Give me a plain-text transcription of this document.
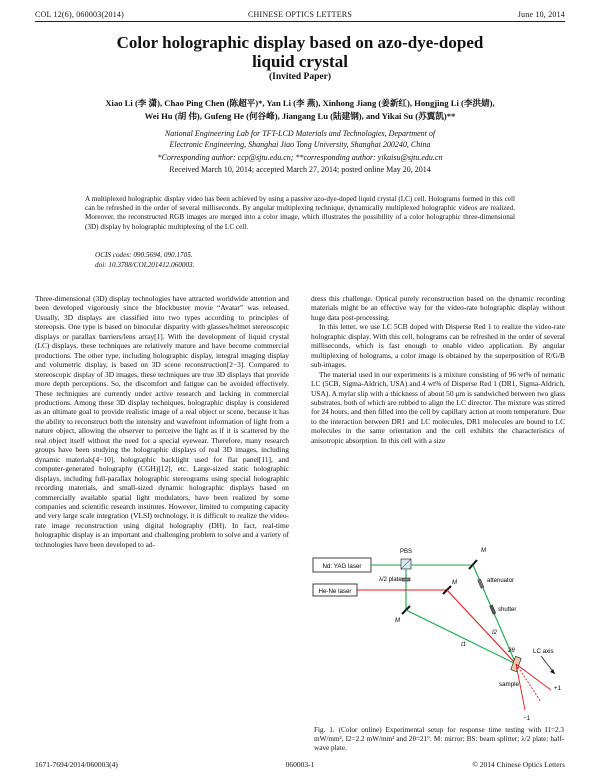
COL 12(6), 060003(2014)	CHINESE OPTICS LETTERS	June 10, 2014
Color holographic display based on azo-dye-doped
liquid crystal
(Invited Paper)
Xiao Li (李 潇), Chao Ping Chen (陈超平)*, Yan Li (李 燕), Xinhong Jiang (姜新红), Hongjing Li (李洪婧),
Wei Hu (胡 伟), Gufeng He (何谷峰), Jiangang Lu (陆建钢), and Yikai Su (苏翼凯)**
National Engineering Lab for TFT-LCD Materials and Technologies, Department of
Electronic Engineering, Shanghai Jiao Tong University, Shanghai 200240, China
*Corresponding author: ccp@sjtu.edu.cn; **corresponding author: yikaisu@sjtu.edu.cn
Received March 10, 2014; accepted March 27, 2014; posted online May 20, 2014
A multiplexed holographic display video has been achieved by using a passive azo-dye-doped liquid crystal (LC) cell. Holograms formed in this cell can be refreshed in the order of several milliseconds. By angular multiplexing technique, dynamically multiplexed holographic videos are realized. Moreover, the reconstructed RGB images are merged into a color image, which illustrates the possibility of a color holographic three-dimensional (3D) display by holographic multiplexing of the LC cell.
OCIS codes: 090.5694, 090.1705.
doi: 10.3788/COL201412.060003.

Three-dimensional (3D) display technologies have attracted worldwide attention and been developed vigorously since the blockbuster movie “Avatar” was released. Usually, 3D displays are classified into two types according to principles of stereopsis. One type is based on binocular disparity with glasses/helmet stereoscopic displays or parallax barriers/lens array[1]. With the development of liquid crystal (LC) displays, these techniques are relatively mature and have become commercial productions. The other type, including holographic display, integral imaging display and volumetric display, is based on 3D scene reconstruction[2−3]. Compared to stereoscopic display of 3D images, these techniques are true 3D displays that provide more depth perceptions. So, the discomfort and fatigue can be avoided effectively. These techniques are currently under active research and lacking in commercial productions. Among these 3D display techniques, holographic display is considered as an ultimate goal to provide realistic image of a real object or scene, because it has the ability to reconstruct both the intensity and wavefront information of light from a nature object, allowing the observer to perceive the light as if it is scattered by the real object itself without the need for a special eyewear. Therefore, many research groups have been studying the holographic displays of real 3D images, including dynamic materials[4−10], holographic backlight used for flat panel[11], and computer-generated holography (CGH)[12], etc. Large-sized static holographic displays, including full-parallax holographic stereograms using special holographic recording materials, and small-sized dynamic holographic displays based on commercially available spatial light modulators, have been realized by some companies and scientific research institutes. However, limited to computing capacity and very large scale integration (VLSI) technology, it is difficult to realize the video-rate image reconstruction using digital holography (DH). In fact, real-time holographic display is an important and challenging problem to solve and a variety of technologies have been developed to ad-

dress this challenge. Optical purely reconstruction based on the dynamic recording materials might be an effective way for the video-rate holographic display without huge data post-processing.

In this letter, we use LC 5CB doped with Disperse Red 1 to realize the video-rate holographic display. With this cell, holograms can be refreshed in the order of several milliseconds, which is fast enough to enable video application. By angular multiplexing of holograms, a color image is obtained by the superposition of R/G/B sub-images.

The material used in our experiments is a mixture consisting of 96 wt% of nematic LC (5CB, Sigma-Aldrich, USA) and 4 wt% of Disperse Red 1 (DR1, Sigma-Aldrich, USA). A mylar slip with a thickness of about 50 μm is sandwiched between two glass substrates, both of which are rubbed to align the LC director. The mixture was stirred for 24 hours, and then filled into the cell by capillary action at room temperature. Due to the interaction between DR1 and LC molecules, DR1 molecules are bound to LC molecules in the same orientation and the cell exhibits the characteristics of anisotropic absorption. In this cell with a size

Nd: YAG laser
He-Ne laser
PBS
λ/2 plate
M
attenuator
shutter
I2
M
I1
M
2θ
sample
+1
−1
LC axis
Fig. 1. (Color online) Experimental setup for response time testing with I1=2.3 mW/mm², I2=2.2 mW/mm² and 2θ=21°. M: mirror; BS: beam splitter; λ/2 plate: half-wave plate.
1671-7694/2014/060003(4)	060003-1	© 2014 Chinese Optics Letters
